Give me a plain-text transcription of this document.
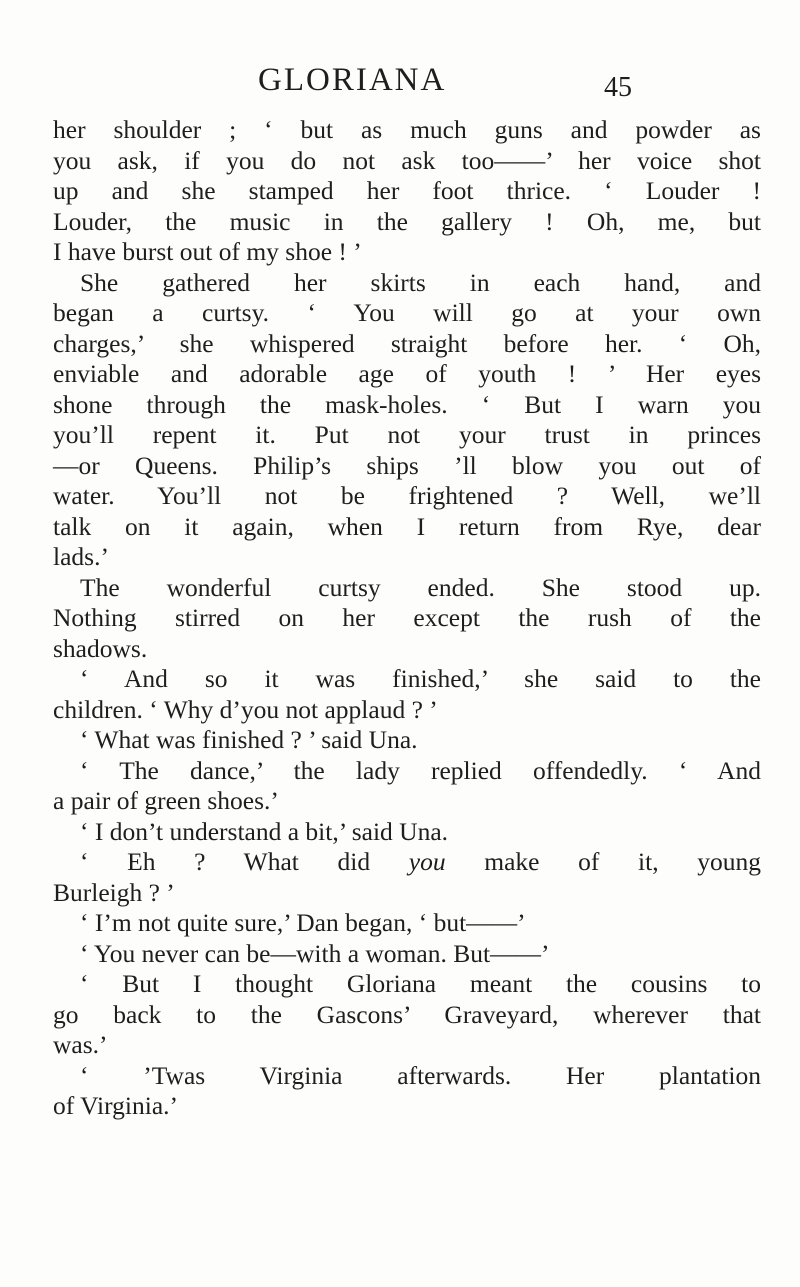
GLORIANA	45
her shoulder ; ‘ but as much guns and powder as
you ask, if you do not ask too——’ her voice shot
up and she stamped her foot thrice. ‘ Louder !
Louder, the music in the gallery ! Oh, me, but
I have burst out of my shoe ! ’
She gathered her skirts in each hand, and
began a curtsy. ‘ You will go at your own
charges,’ she whispered straight before her. ‘ Oh,
enviable and adorable age of youth ! ’ Her eyes
shone through the mask-holes. ‘ But I warn you
you’ll repent it. Put not your trust in princes
—or Queens. Philip’s ships ’ll blow you out of
water. You’ll not be frightened ? Well, we’ll
talk on it again, when I return from Rye, dear
lads.’
The wonderful curtsy ended. She stood up.
Nothing stirred on her except the rush of the
shadows.
‘ And so it was finished,’ she said to the
children. ‘ Why d’you not applaud ? ’
‘ What was finished ? ’ said Una.
‘ The dance,’ the lady replied offendedly. ‘ And
a pair of green shoes.’
‘ I don’t understand a bit,’ said Una.
‘ Eh ? What did you make of it, young
Burleigh ? ’
‘ I’m not quite sure,’ Dan began, ‘ but——’
‘ You never can be—with a woman. But——’
‘ But I thought Gloriana meant the cousins to
go back to the Gascons’ Graveyard, wherever that
was.’
‘ ’Twas Virginia afterwards. Her plantation
of Virginia.’
